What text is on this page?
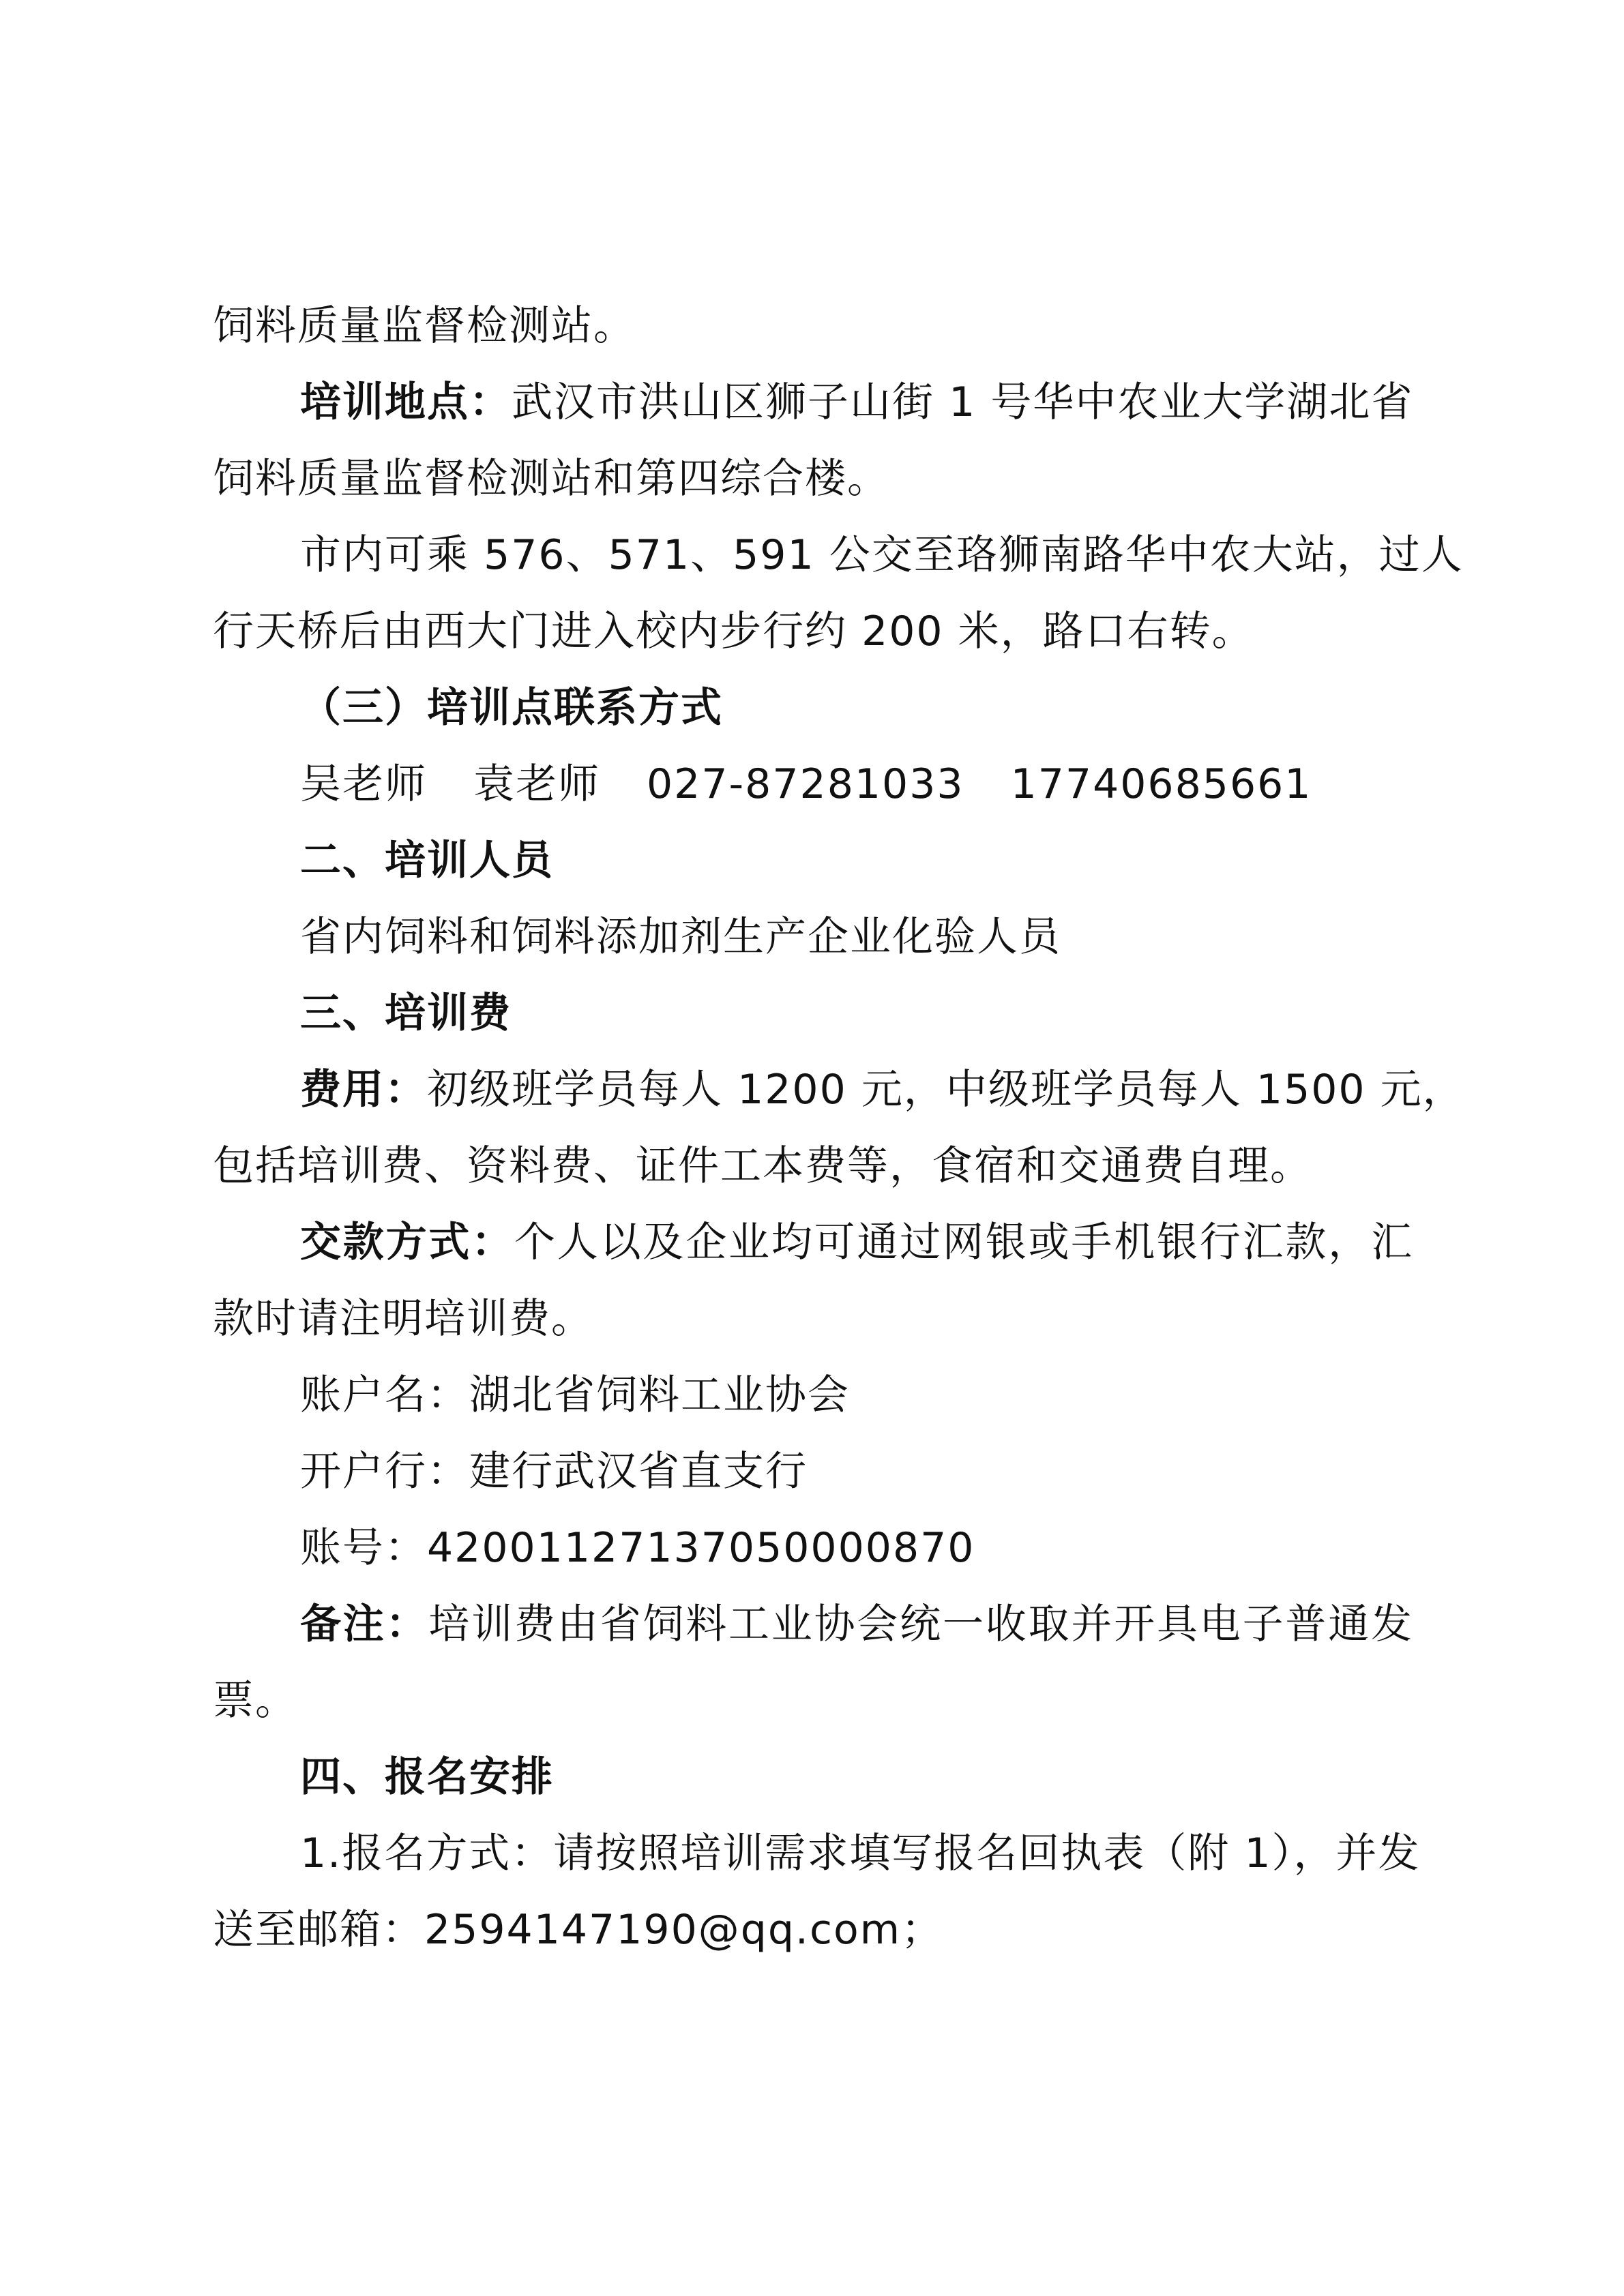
饲料质量监督检测站。
培训地点：武汉市洪山区狮子山街 1 号华中农业大学湖北省
饲料质量监督检测站和第四综合楼。
市内可乘 576、571、591 公交至珞狮南路华中农大站，过人
行天桥后由西大门进入校内步行约 200 米，路口右转。
（三）培训点联系方式
吴老师 袁老师 027-87281033 17740685661
二、培训人员
省内饲料和饲料添加剂生产企业化验人员
三、培训费
费用：初级班学员每人 1200 元，中级班学员每人 1500 元，
包括培训费、资料费、证件工本费等，食宿和交通费自理。
交款方式：个人以及企业均可通过网银或手机银行汇款，汇
款时请注明培训费。
账户名：湖北省饲料工业协会
开户行：建行武汉省直支行
账号：42001127137050000870
备注：培训费由省饲料工业协会统一收取并开具电子普通发
票。
四、报名安排
1.报名方式：请按照培训需求填写报名回执表（附 1），并发
送至邮箱：2594147190@qq.com；
